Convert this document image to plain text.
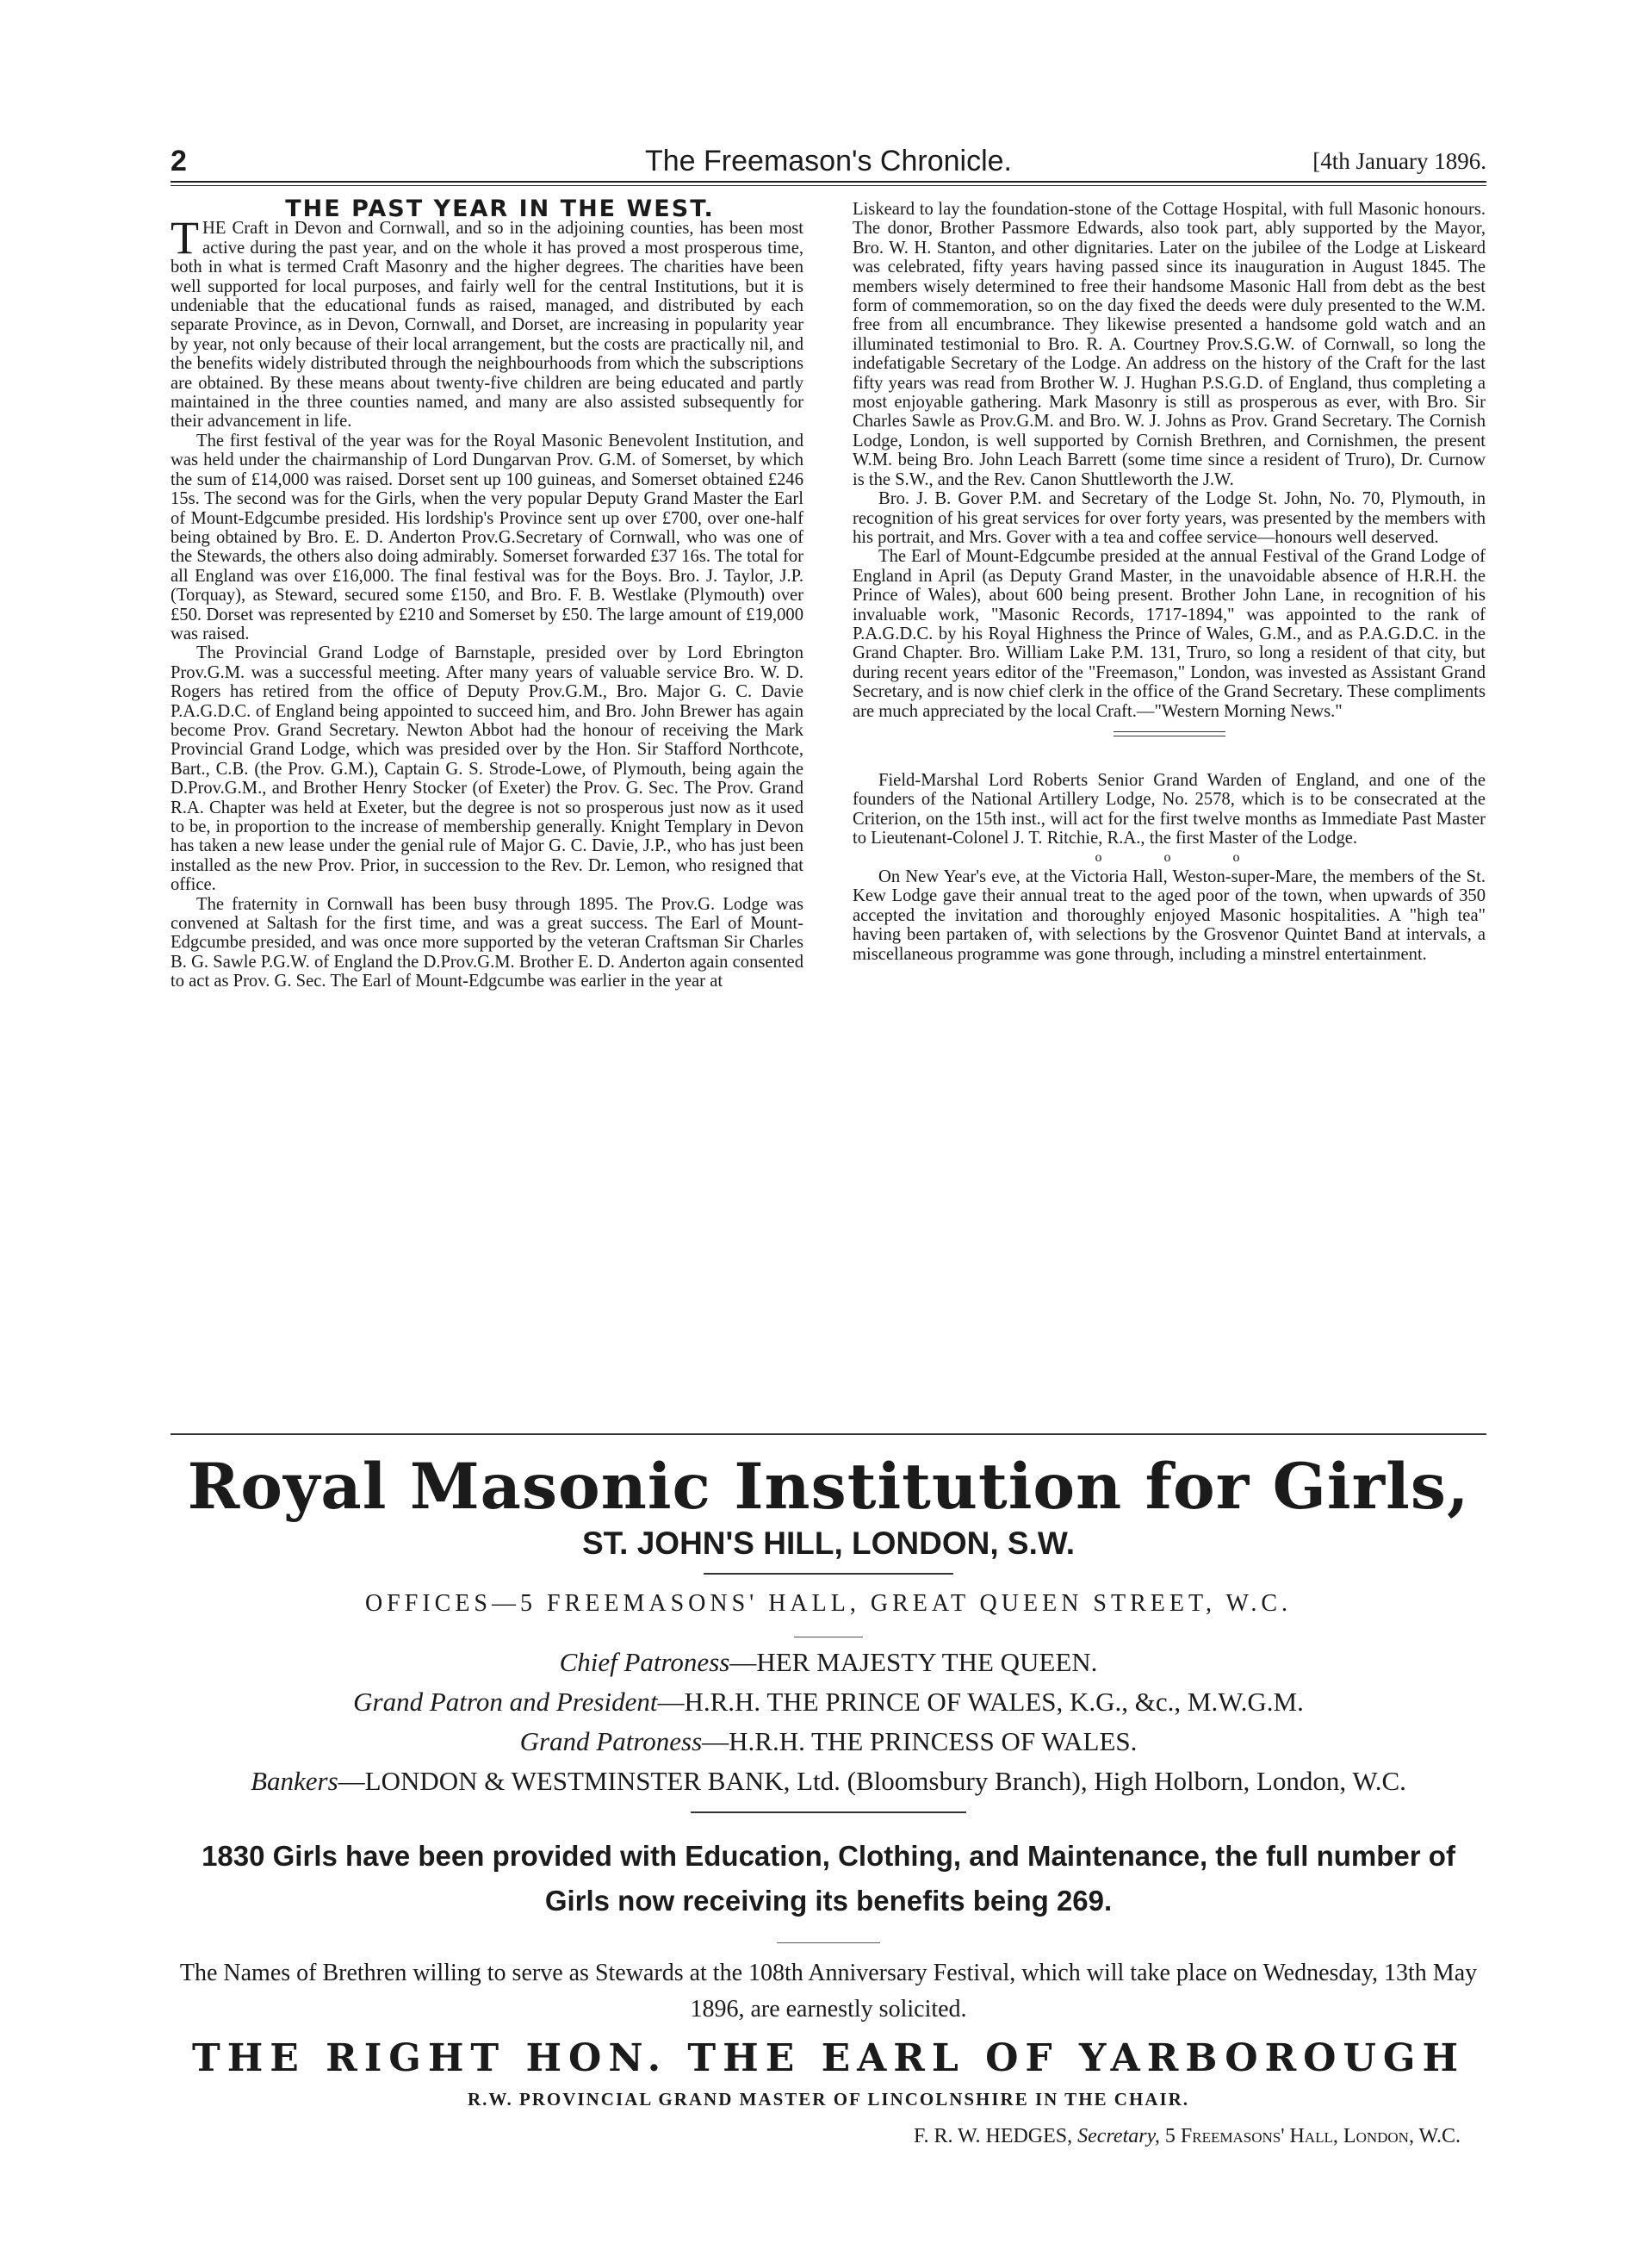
2	The Freemason's Chronicle.	[4th January 1896.

THE PAST YEAR IN THE WEST.

THE Craft in Devon and Cornwall, and so in the adjoining counties, has been most active during the past year, and on the whole it has proved a most prosperous time, both in what is termed Craft Masonry and the higher degrees. The charities have been well supported for local purposes, and fairly well for the central Institutions, but it is undeniable that the educational funds as raised, managed, and distributed by each separate Province, as in Devon, Cornwall, and Dorset, are increasing in popularity year by year, not only because of their local arrangement, but the costs are practically nil, and the benefits widely distributed through the neighbourhoods from which the subscriptions are obtained. By these means about twenty-five children are being educated and partly maintained in the three counties named, and many are also assisted subsequently for their advancement in life.

The first festival of the year was for the Royal Masonic Benevolent Institution, and was held under the chairmanship of Lord Dungarvan Prov. G.M. of Somerset, by which the sum of £14,000 was raised. Dorset sent up 100 guineas, and Somerset obtained £246 15s. The second was for the Girls, when the very popular Deputy Grand Master the Earl of Mount-Edgcumbe presided. His lordship's Province sent up over £700, over one-half being obtained by Bro. E. D. Anderton Prov.G.Secretary of Cornwall, who was one of the Stewards, the others also doing admirably. Somerset forwarded £37 16s. The total for all England was over £16,000. The final festival was for the Boys. Bro. J. Taylor, J.P. (Torquay), as Steward, secured some £150, and Bro. F. B. Westlake (Plymouth) over £50. Dorset was represented by £210 and Somerset by £50. The large amount of £19,000 was raised.

The Provincial Grand Lodge of Barnstaple, presided over by Lord Ebrington Prov.G.M. was a successful meeting. After many years of valuable service Bro. W. D. Rogers has retired from the office of Deputy Prov.G.M., Bro. Major G. C. Davie P.A.G.D.C. of England being appointed to succeed him, and Bro. John Brewer has again become Prov. Grand Secretary. Newton Abbot had the honour of receiving the Mark Provincial Grand Lodge, which was presided over by the Hon. Sir Stafford Northcote, Bart., C.B. (the Prov. G.M.), Captain G. S. Strode-Lowe, of Plymouth, being again the D.Prov.G.M., and Brother Henry Stocker (of Exeter) the Prov. G. Sec. The Prov. Grand R.A. Chapter was held at Exeter, but the degree is not so prosperous just now as it used to be, in proportion to the increase of membership generally. Knight Templary in Devon has taken a new lease under the genial rule of Major G. C. Davie, J.P., who has just been installed as the new Prov. Prior, in succession to the Rev. Dr. Lemon, who resigned that office.

The fraternity in Cornwall has been busy through 1895. The Prov.G. Lodge was convened at Saltash for the first time, and was a great success. The Earl of Mount-Edgcumbe presided, and was once more supported by the veteran Craftsman Sir Charles B. G. Sawle P.G.W. of England the D.Prov.G.M. Brother E. D. Anderton again consented to act as Prov. G. Sec. The Earl of Mount-Edgcumbe was earlier in the year at

Liskeard to lay the foundation-stone of the Cottage Hospital, with full Masonic honours. The donor, Brother Passmore Edwards, also took part, ably supported by the Mayor, Bro. W. H. Stanton, and other dignitaries. Later on the jubilee of the Lodge at Liskeard was celebrated, fifty years having passed since its inauguration in August 1845. The members wisely determined to free their handsome Masonic Hall from debt as the best form of commemoration, so on the day fixed the deeds were duly presented to the W.M. free from all encumbrance. They likewise presented a handsome gold watch and an illuminated testimonial to Bro. R. A. Courtney Prov.S.G.W. of Cornwall, so long the indefatigable Secretary of the Lodge. An address on the history of the Craft for the last fifty years was read from Brother W. J. Hughan P.S.G.D. of England, thus completing a most enjoyable gathering. Mark Masonry is still as prosperous as ever, with Bro. Sir Charles Sawle as Prov.G.M. and Bro. W. J. Johns as Prov. Grand Secretary. The Cornish Lodge, London, is well supported by Cornish Brethren, and Cornishmen, the present W.M. being Bro. John Leach Barrett (some time since a resident of Truro), Dr. Curnow is the S.W., and the Rev. Canon Shuttleworth the J.W.

Bro. J. B. Gover P.M. and Secretary of the Lodge St. John, No. 70, Plymouth, in recognition of his great services for over forty years, was presented by the members with his portrait, and Mrs. Gover with a tea and coffee service—honours well deserved.

The Earl of Mount-Edgcumbe presided at the annual Festival of the Grand Lodge of England in April (as Deputy Grand Master, in the unavoidable absence of H.R.H. the Prince of Wales), about 600 being present. Brother John Lane, in recognition of his invaluable work, "Masonic Records, 1717-1894," was appointed to the rank of P.A.G.D.C. by his Royal Highness the Prince of Wales, G.M., and as P.A.G.D.C. in the Grand Chapter. Bro. William Lake P.M. 131, Truro, so long a resident of that city, but during recent years editor of the "Freemason," London, was invested as Assistant Grand Secretary, and is now chief clerk in the office of the Grand Secretary. These compliments are much appreciated by the local Craft.—"Western Morning News."

Field-Marshal Lord Roberts Senior Grand Warden of England, and one of the founders of the National Artillery Lodge, No. 2578, which is to be consecrated at the Criterion, on the 15th inst., will act for the first twelve months as Immediate Past Master to Lieutenant-Colonel J. T. Ritchie, R.A., the first Master of the Lodge.

o o o

On New Year's eve, at the Victoria Hall, Weston-super-Mare, the members of the St. Kew Lodge gave their annual treat to the aged poor of the town, when upwards of 350 accepted the invitation and thoroughly enjoyed Masonic hospitalities. A "high tea" having been partaken of, with selections by the Grosvenor Quintet Band at intervals, a miscellaneous programme was gone through, including a minstrel entertainment.

Royal Masonic Institution for Girls,
ST. JOHN'S HILL, LONDON, S.W.
OFFICES—5 FREEMASONS' HALL, GREAT QUEEN STREET, W.C.
Chief Patroness—HER MAJESTY THE QUEEN.
Grand Patron and President—H.R.H. THE PRINCE OF WALES, K.G., &c., M.W.G.M.
Grand Patroness—H.R.H. THE PRINCESS OF WALES.
Bankers—LONDON & WESTMINSTER BANK, Ltd. (Bloomsbury Branch), High Holborn, London, W.C.
1830 Girls have been provided with Education, Clothing, and Maintenance, the full number of Girls now receiving its benefits being 269.
The Names of Brethren willing to serve as Stewards at the 108th Anniversary Festival, which will take place on Wednesday, 13th May 1896, are earnestly solicited.
THE RIGHT HON. THE EARL OF YARBOROUGH
R.W. PROVINCIAL GRAND MASTER OF LINCOLNSHIRE IN THE CHAIR.
F. R. W. HEDGES, Secretary, 5 Freemasons' Hall, London, W.C.
